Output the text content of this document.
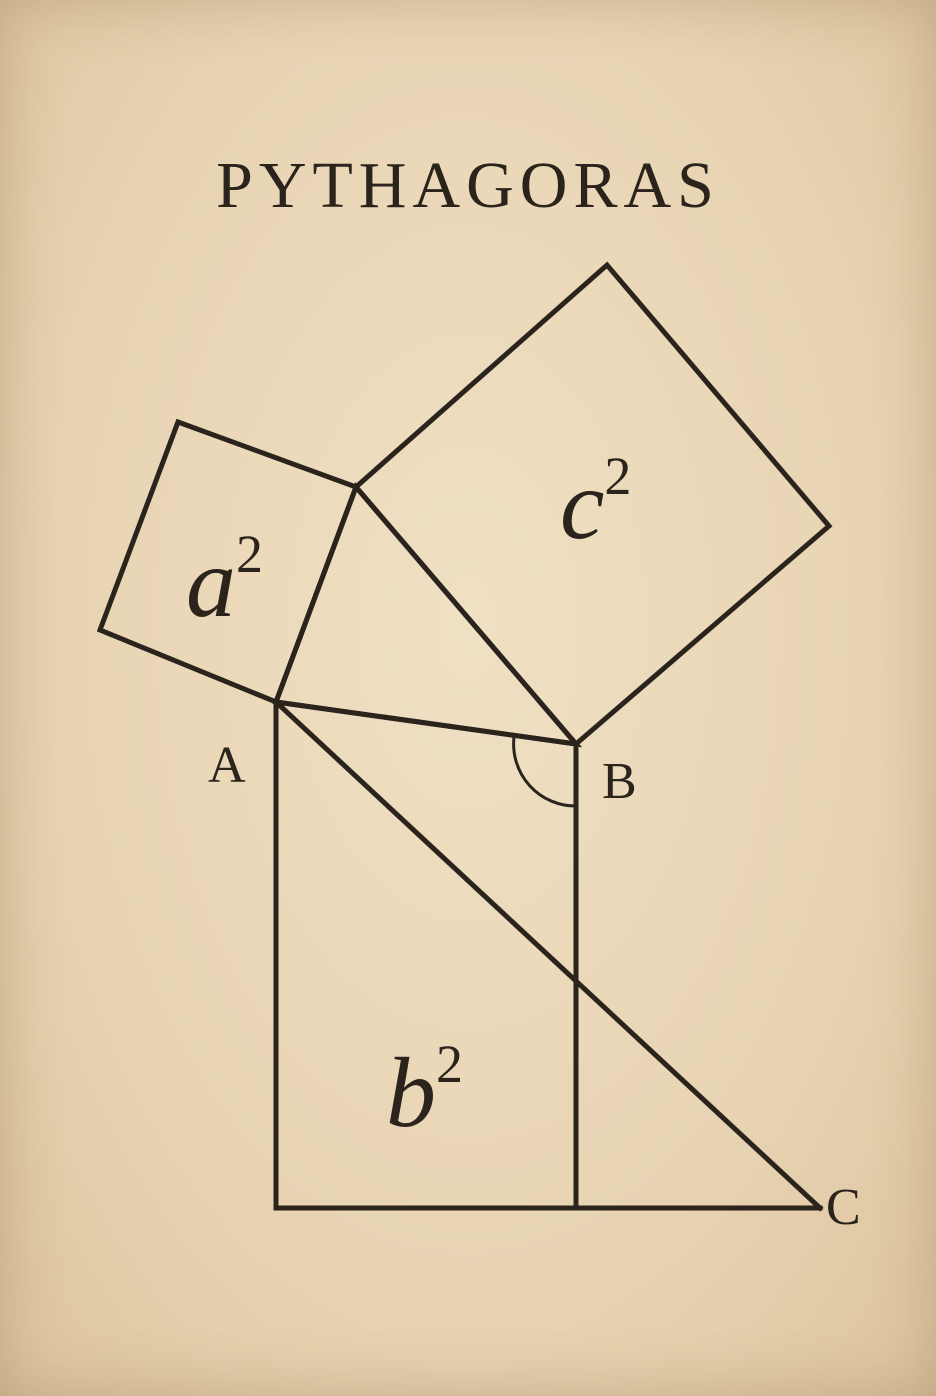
PYTHAGORAS
$a^2$	$c^2$
$b^2$
A	B
C
